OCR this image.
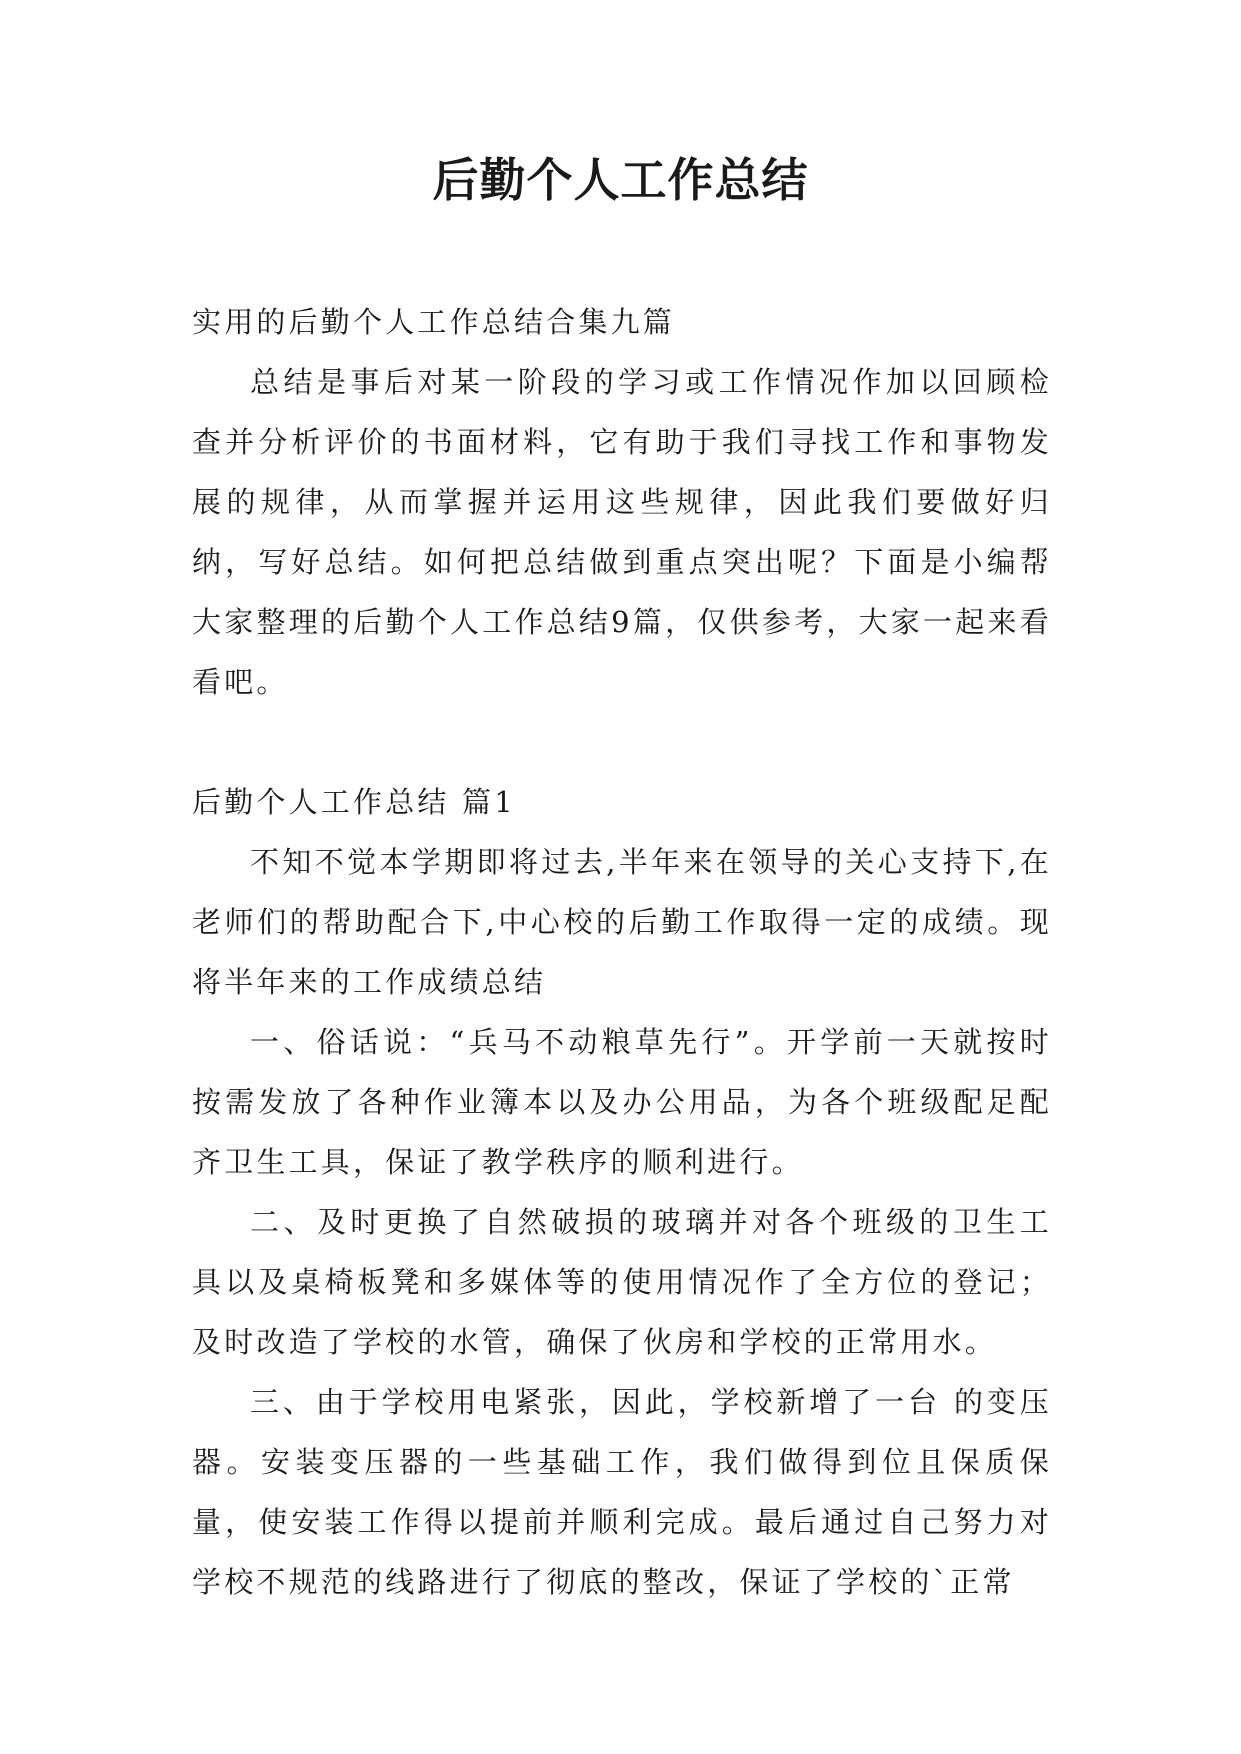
后勤个人工作总结

实用的后勤个人工作总结合集九篇

总结是事后对某一阶段的学习或工作情况作加以回顾检查并分析评价的书面材料，它有助于我们寻找工作和事物发展的规律，从而掌握并运用这些规律，因此我们要做好归纳，写好总结。如何把总结做到重点突出呢？下面是小编帮大家整理的后勤个人工作总结9篇，仅供参考，大家一起来看看吧。

后勤个人工作总结 篇1

不知不觉本学期即将过去,半年来在领导的关心支持下,在老师们的帮助配合下,中心校的后勤工作取得一定的成绩。现将半年来的工作成绩总结

一、俗话说：“兵马不动粮草先行”。开学前一天就按时按需发放了各种作业簿本以及办公用品，为各个班级配足配齐卫生工具，保证了教学秩序的顺利进行。

二、及时更换了自然破损的玻璃并对各个班级的卫生工具以及桌椅板凳和多媒体等的使用情况作了全方位的登记；及时改造了学校的水管，确保了伙房和学校的正常用水。

三、由于学校用电紧张，因此，学校新增了一台 的变压器。安装变压器的一些基础工作，我们做得到位且保质保量，使安装工作得以提前并顺利完成。最后通过自己努力对学校不规范的线路进行了彻底的整改，保证了学校的`正常
